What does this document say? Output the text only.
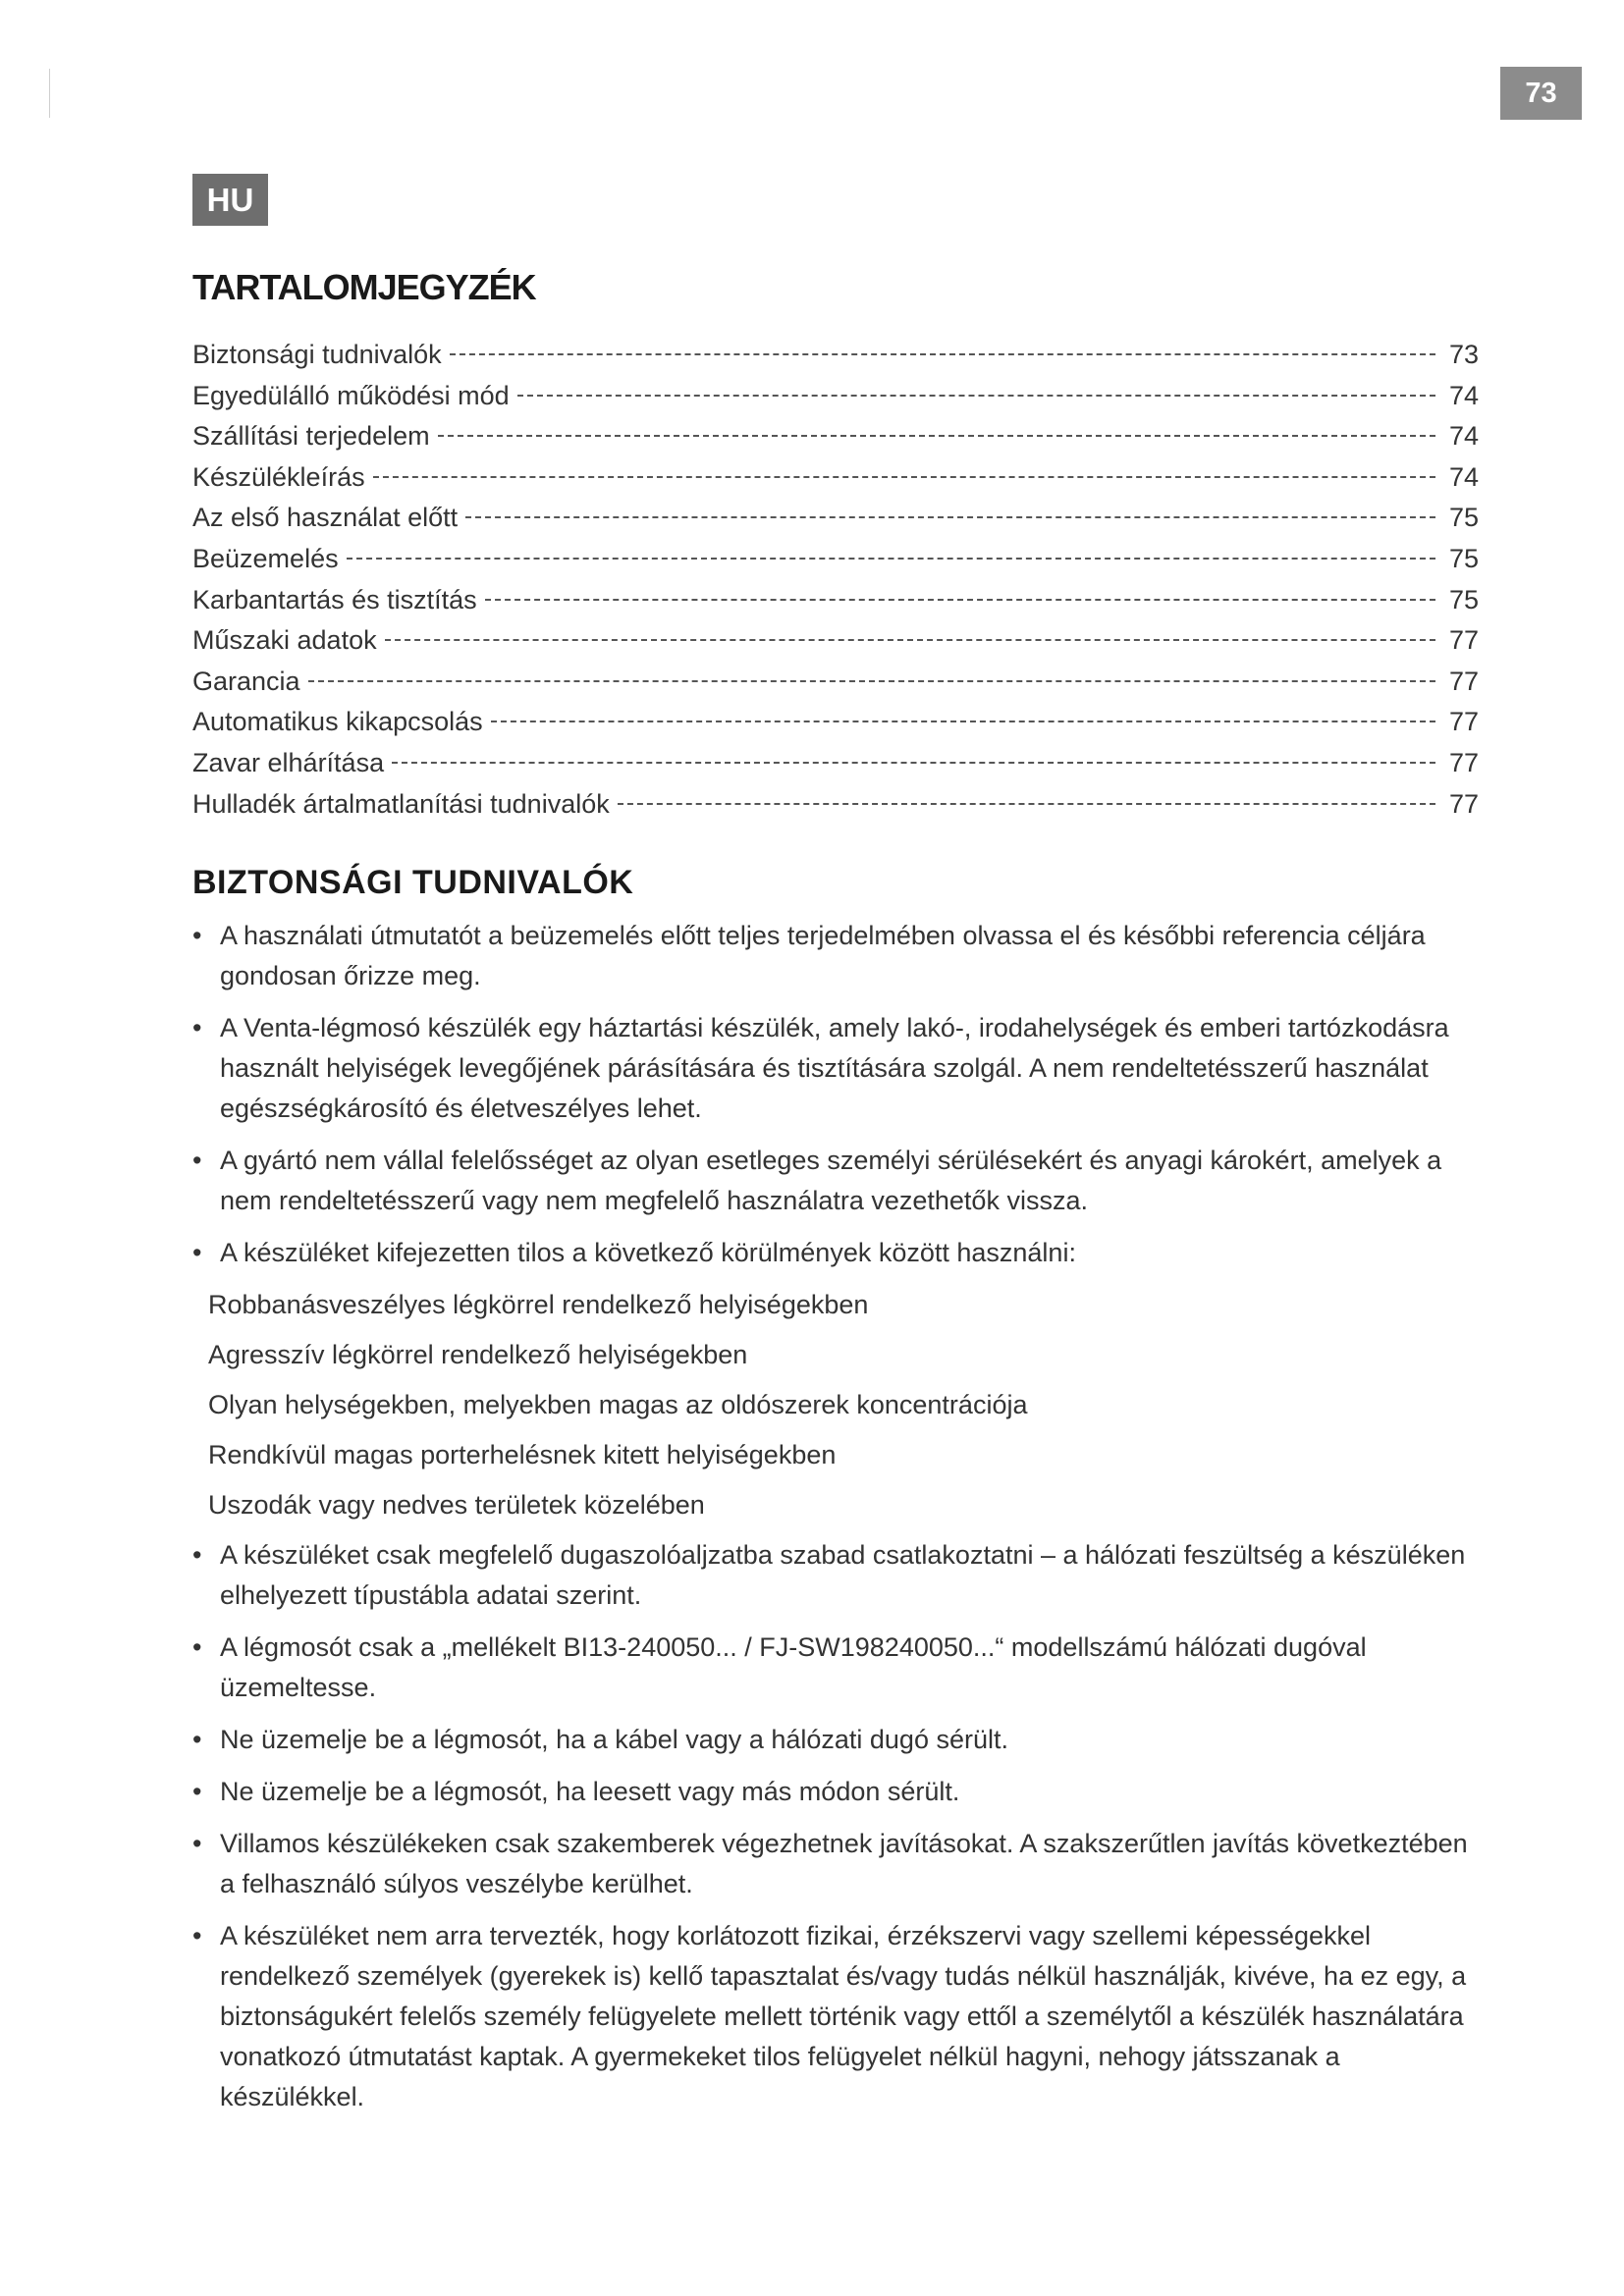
73
HU
TARTALOMJEGYZÉK
Biztonsági tudnivalók	73
Egyedülálló működési mód	74
Szállítási terjedelem	74
Készülékleírás	74
Az első használat előtt	75
Beüzemelés	75
Karbantartás és tisztítás	75
Műszaki adatok	77
Garancia	77
Automatikus kikapcsolás	77
Zavar elhárítása	77
Hulladék ártalmatlanítási tudnivalók	77
BIZTONSÁGI TUDNIVALÓK
• A használati útmutatót a beüzemelés előtt teljes terjedelmében olvassa el és későbbi referencia céljára gondosan őrizze meg.
• A Venta-légmosó készülék egy háztartási készülék, amely lakó-, irodahelységek és emberi tartózkodásra használt helyiségek levegőjének párásítására és tisztítására szolgál. A nem rendeltetésszerű használat egészségkárosító és életveszélyes lehet.
• A gyártó nem vállal felelősséget az olyan esetleges személyi sérülésekért és anyagi károkért, amelyek a nem rendeltetésszerű vagy nem megfelelő használatra vezethetők vissza.
• A készüléket kifejezetten tilos a következő körülmények között használni:
Robbanásveszélyes légkörrel rendelkező helyiségekben
Agresszív légkörrel rendelkező helyiségekben
Olyan helységekben, melyekben magas az oldószerek koncentrációja
Rendkívül magas porterhelésnek kitett helyiségekben
Uszodák vagy nedves területek közelében
• A készüléket csak megfelelő dugaszolóaljzatba szabad csatlakoztatni – a hálózati feszültség a készüléken elhelyezett típustábla adatai szerint.
• A légmosót csak a „mellékelt BI13-240050... / FJ-SW198240050...“ modellszámú hálózati dugóval üzemeltesse.
• Ne üzemelje be a légmosót, ha a kábel vagy a hálózati dugó sérült.
• Ne üzemelje be a légmosót, ha leesett vagy más módon sérült.
• Villamos készülékeken csak szakemberek végezhetnek javításokat. A szakszerűtlen javítás következtében a felhasználó súlyos veszélybe kerülhet.
• A készüléket nem arra tervezték, hogy korlátozott fizikai, érzékszervi vagy szellemi képességekkel rendelkező személyek (gyerekek is) kellő tapasztalat és/vagy tudás nélkül használják, kivéve, ha ez egy, a biztonságukért felelős személy felügyelete mellett történik vagy ettől a személytől a készülék használatára vonatkozó útmutatást kaptak. A gyermekeket tilos felügyelet nélkül hagyni, nehogy játsszanak a készülékkel.
